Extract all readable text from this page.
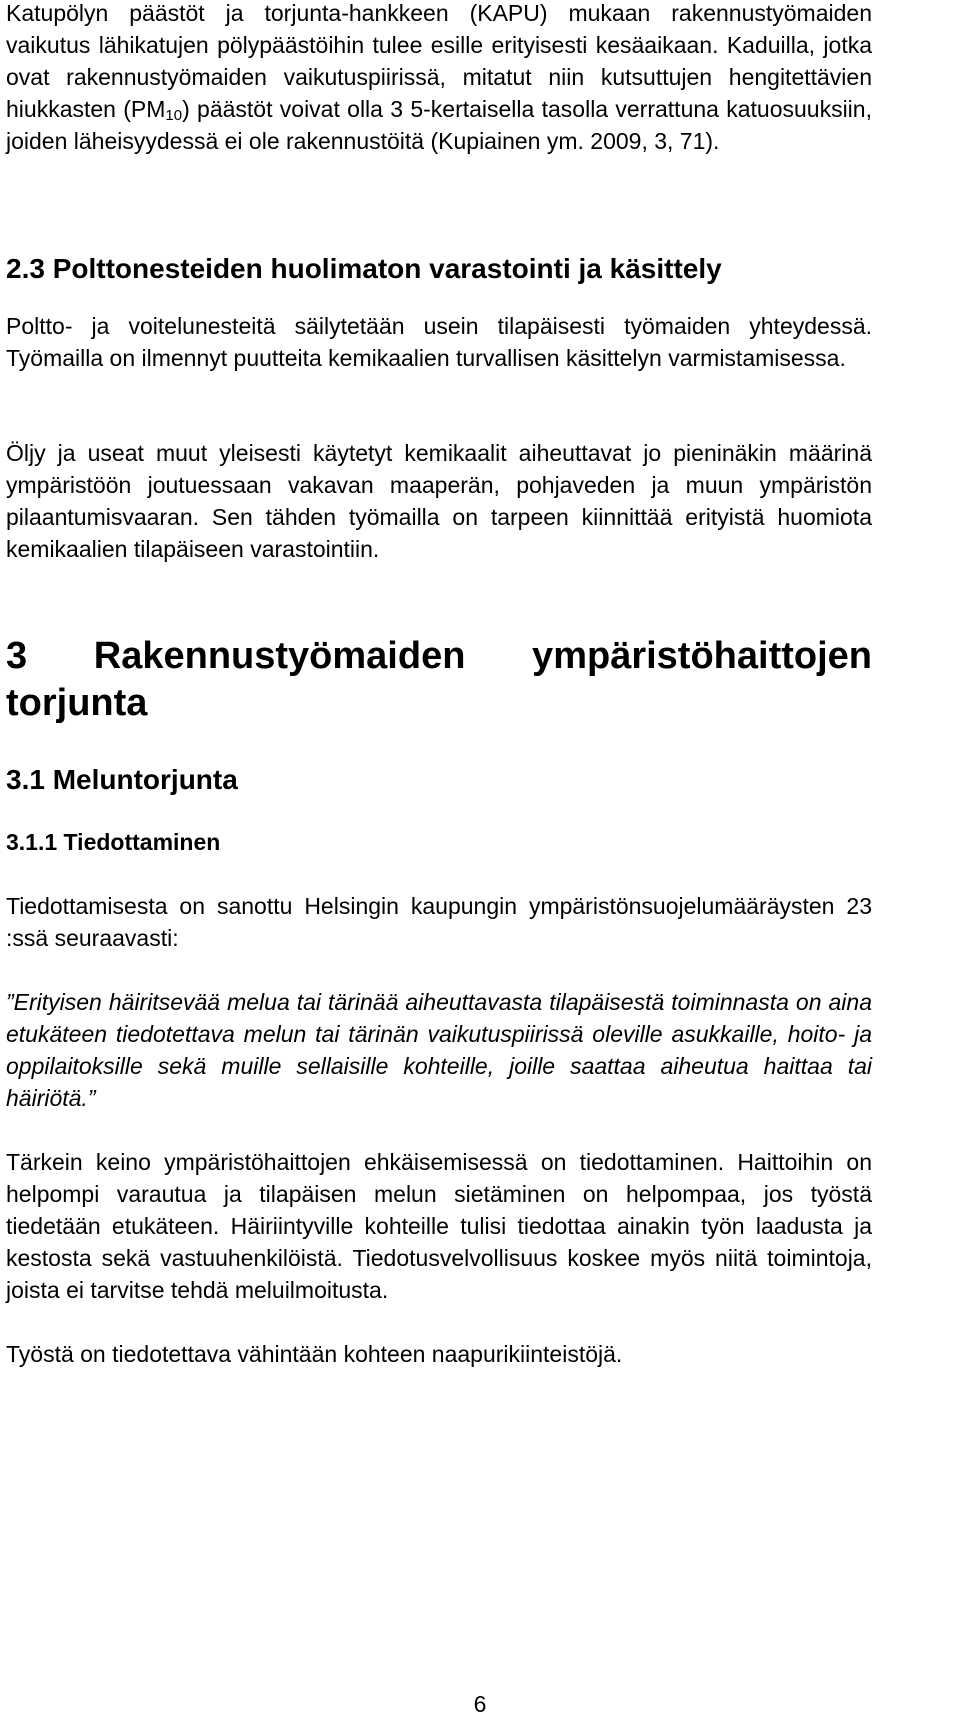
Katupölyn päästöt ja torjunta-hankkeen (KAPU) mukaan rakennustyömaiden vaikutus lähikatujen pölypäästöihin tulee esille erityisesti kesäaikaan. Kaduilla, jotka ovat rakennustyömaiden vaikutuspiirissä, mitatut niin kutsuttujen hengitettävien hiukkasten $(PM_{10})$ päästöt voivat olla 3 5-kertaisella tasolla verrattuna katuosuuksiin, joiden läheisyydessä ei ole rakennustöitä (Kupiainen ym. 2009, 3, 71).

2.3 Polttonesteiden huolimaton varastointi ja käsittely

Poltto- ja voitelunesteitä säilytetään usein tilapäisesti työmaiden yhteydessä. Työmailla on ilmennyt puutteita kemikaalien turvallisen käsittelyn varmistamisessa.

Öljy ja useat muut yleisesti käytetyt kemikaalit aiheuttavat jo pieninäkin määrinä ympäristöön joutuessaan vakavan maaperän, pohjaveden ja muun ympäristön pilaantumisvaaran. Sen tähden työmailla on tarpeen kiinnittää erityistä huomiota kemikaalien tilapäiseen varastointiin.

3 Rakennustyömaiden ympäristöhaittojen torjunta
3.1 Meluntorjunta
3.1.1 Tiedottaminen

Tiedottamisesta on sanottu Helsingin kaupungin ympäristönsuojelumääräysten 23 :ssä seuraavasti:

”Erityisen häiritsevää melua tai tärinää aiheuttavasta tilapäisestä toiminnasta on aina etukäteen tiedotettava melun tai tärinän vaikutuspiirissä oleville asukkaille, hoito- ja oppilaitoksille sekä muille sellaisille kohteille, joille saattaa aiheutua haittaa tai häiriötä.”

Tärkein keino ympäristöhaittojen ehkäisemisessä on tiedottaminen. Haittoihin on helpompi varautua ja tilapäisen melun sietäminen on helpompaa, jos työstä tiedetään etukäteen. Häiriintyville kohteille tulisi tiedottaa ainakin työn laadusta ja kestosta sekä vastuuhenkilöistä. Tiedotusvelvollisuus koskee myös niitä toimintoja, joista ei tarvitse tehdä meluilmoitusta.

Työstä on tiedotettava vähintään kohteen naapurikiinteistöjä.

6
